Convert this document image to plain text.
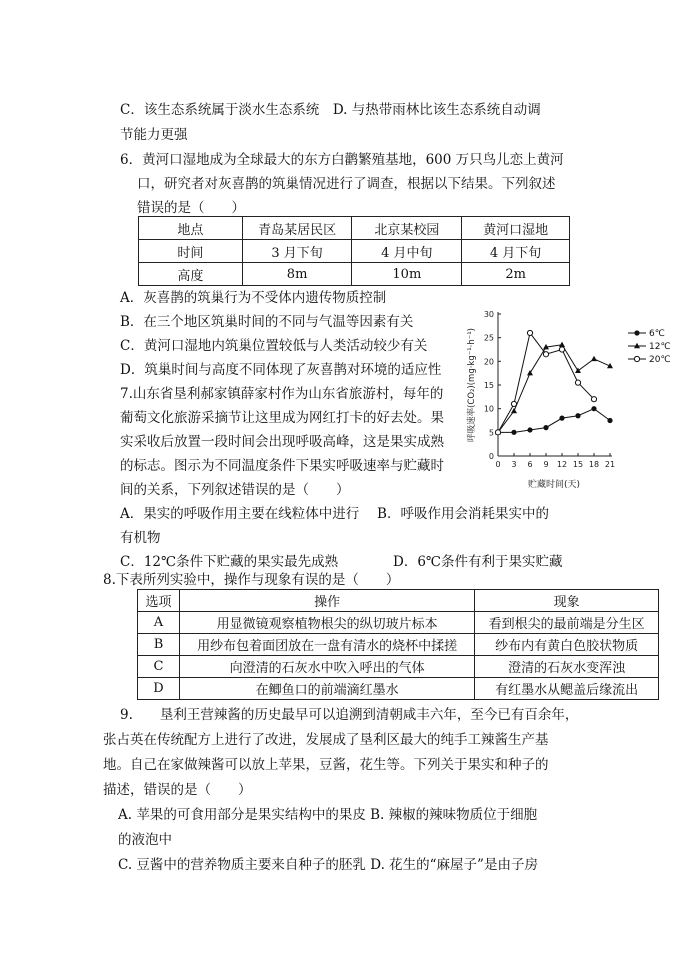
C．该生态系统属于淡水生态系统　D. 与热带雨林比该生态系统自动调
节能力更强
6．黄河口湿地成为全球最大的东方白鹳繁殖基地，600 万只鸟儿恋上黄河
口，研究者对灰喜鹊的筑巢情况进行了调查，根据以下结果。下列叙述
错误的是（　　）
地点	青岛某居民区	北京某校园	黄河口湿地
时间	3 月下旬	4 月中旬	4 月下旬
高度	8m	10m	2m
A．灰喜鹊的筑巢行为不受体内遗传物质控制
B．在三个地区筑巢时间的不同与气温等因素有关
C．黄河口湿地内筑巢位置较低与人类活动较少有关
D．筑巢时间与高度不同体现了灰喜鹊对环境的适应性
7.山东省垦利郝家镇薛家村作为山东省旅游村，每年的
葡萄文化旅游采摘节让这里成为网红打卡的好去处。果
实采收后放置一段时间会出现呼吸高峰，这是果实成熟
的标志。图示为不同温度条件下果实呼吸速率与贮藏时
间的关系，下列叙述错误的是（　　）
0 3 6 9 12 15 18 21
0
5
10
15
20
25
30
贮藏时间(天)
呼吸速率(CO₂)(mg·kg⁻¹·h⁻¹)	6℃
12℃
20℃
A．果实的呼吸作用主要在线粒体中进行　 B．呼吸作用会消耗果实中的
有机物
C．12℃条件下贮藏的果实最先成熟	D．6℃条件有利于果实贮藏
8.下表所列实验中，操作与现象有误的是（　　）
选项	操作	现象
A	用显微镜观察植物根尖的纵切玻片标本	看到根尖的最前端是分生区
B	用纱布包着面团放在一盘有清水的烧杯中揉搓	纱布内有黄白色胶状物质
C	向澄清的石灰水中吹入呼出的气体	澄清的石灰水变浑浊
D	在鲫鱼口的前端滴红墨水	有红墨水从鳃盖后缘流出
9.　　垦利王营辣酱的历史最早可以追溯到清朝咸丰六年，至今已有百余年，
张占英在传统配方上进行了改进，发展成了垦利区最大的纯手工辣酱生产基
地。自己在家做辣酱可以放上苹果，豆酱，花生等。下列关于果实和种子的
描述，错误的是（　　）
A. 苹果的可食用部分是果实结构中的果皮 B. 辣椒的辣味物质位于细胞
的液泡中
C. 豆酱中的营养物质主要来自种子的胚乳 D. 花生的“麻屋子”是由子房
